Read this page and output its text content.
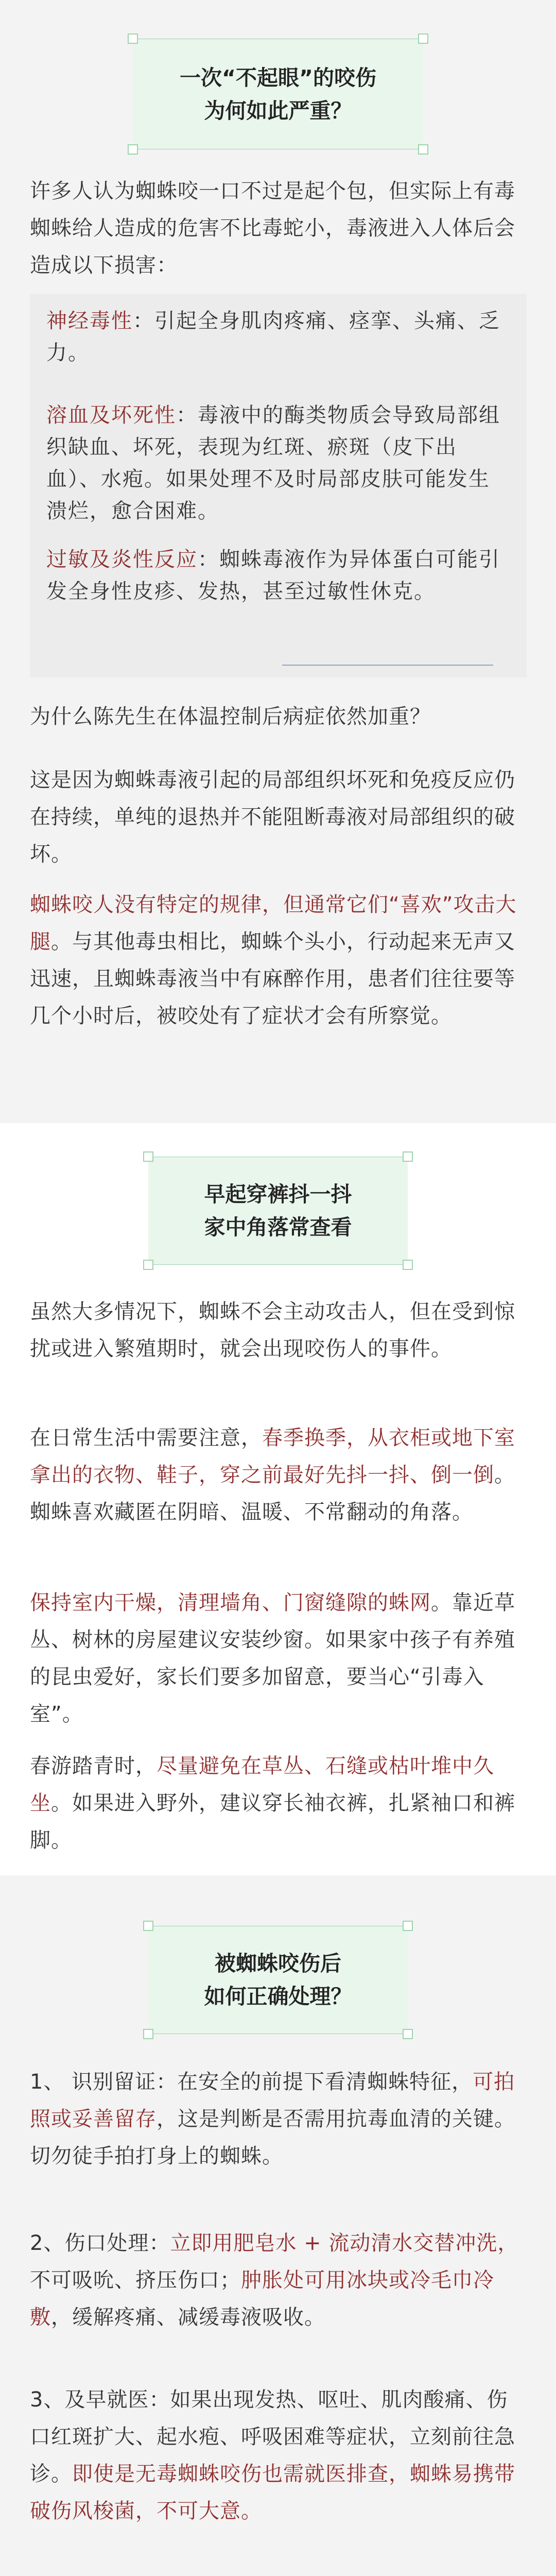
一次“不起眼”的咬伤
为何如此严重？

许多人认为蜘蛛咬一口不过是起个包，但实际上有毒蜘蛛给人造成的危害不比毒蛇小，毒液进入人体后会造成以下损害：

神经毒性：引起全身肌肉疼痛、痉挛、头痛、乏力。

溶血及坏死性：毒液中的酶类物质会导致局部组织缺血、坏死，表现为红斑、瘀斑（皮下出血）、水疱。如果处理不及时局部皮肤可能发生溃烂，愈合困难。

过敏及炎性反应：蜘蛛毒液作为异体蛋白可能引发全身性皮疹、发热，甚至过敏性休克。

为什么陈先生在体温控制后病症依然加重？

这是因为蜘蛛毒液引起的局部组织坏死和免疫反应仍在持续，单纯的退热并不能阻断毒液对局部组织的破坏。

蜘蛛咬人没有特定的规律，但通常它们“喜欢”攻击大腿。与其他毒虫相比，蜘蛛个头小，行动起来无声又迅速，且蜘蛛毒液当中有麻醉作用，患者们往往要等几个小时后，被咬处有了症状才会有所察觉。

早起穿裤抖一抖
家中角落常查看

虽然大多情况下，蜘蛛不会主动攻击人，但在受到惊扰或进入繁殖期时，就会出现咬伤人的事件。

在日常生活中需要注意，春季换季，从衣柜或地下室拿出的衣物、鞋子，穿之前最好先抖一抖、倒一倒。蜘蛛喜欢藏匿在阴暗、温暖、不常翻动的角落。

保持室内干燥，清理墙角、门窗缝隙的蛛网。靠近草丛、树林的房屋建议安装纱窗。如果家中孩子有养殖的昆虫爱好，家长们要多加留意，要当心“引毒入室”。

春游踏青时，尽量避免在草丛、石缝或枯叶堆中久坐。如果进入野外，建议穿长袖衣裤，扎紧袖口和裤脚。

被蜘蛛咬伤后
如何正确处理？

1、 识别留证：在安全的前提下看清蜘蛛特征，可拍照或妥善留存，这是判断是否需用抗毒血清的关键。切勿徒手拍打身上的蜘蛛。

2、伤口处理：立即用肥皂水 + 流动清水交替冲洗，不可吸吮、挤压伤口；肿胀处可用冰块或冷毛巾冷敷，缓解疼痛、减缓毒液吸收。

3、及早就医：如果出现发热、呕吐、肌肉酸痛、伤口红斑扩大、起水疱、呼吸困难等症状，立刻前往急诊。即使是无毒蜘蛛咬伤也需就医排查，蜘蛛易携带破伤风梭菌，不可大意。
